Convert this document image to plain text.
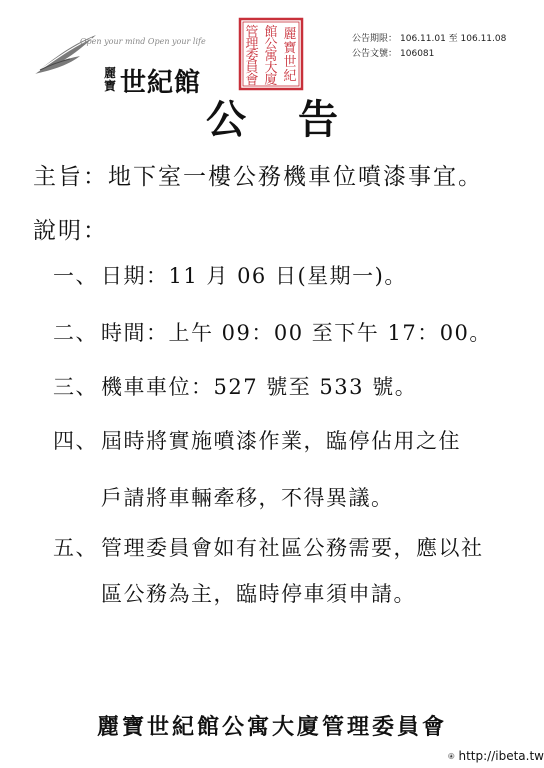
Open your mind Open your life
麗寶 世紀館
麗
寶
世
紀
館
公
寓
大
廈
管
理
委
員
會
公告期限： 106.11.01 至 106.11.08
公告文號： 106081
公告
主旨：地下室一樓公務機車位噴漆事宜。
說明：
一、 日期：11 月 06 日(星期一)。
二、 時間：上午 09：00 至下午 17：00。
三、 機車車位：527 號至 533 號。
四、 屆時將實施噴漆作業，臨停佔用之住
戶請將車輛牽移，不得異議。
五、 管理委員會如有社區公務需要，應以社
區公務為主，臨時停車須申請。
麗寶世紀館公寓大廈管理委員會
http://ibeta.tw
